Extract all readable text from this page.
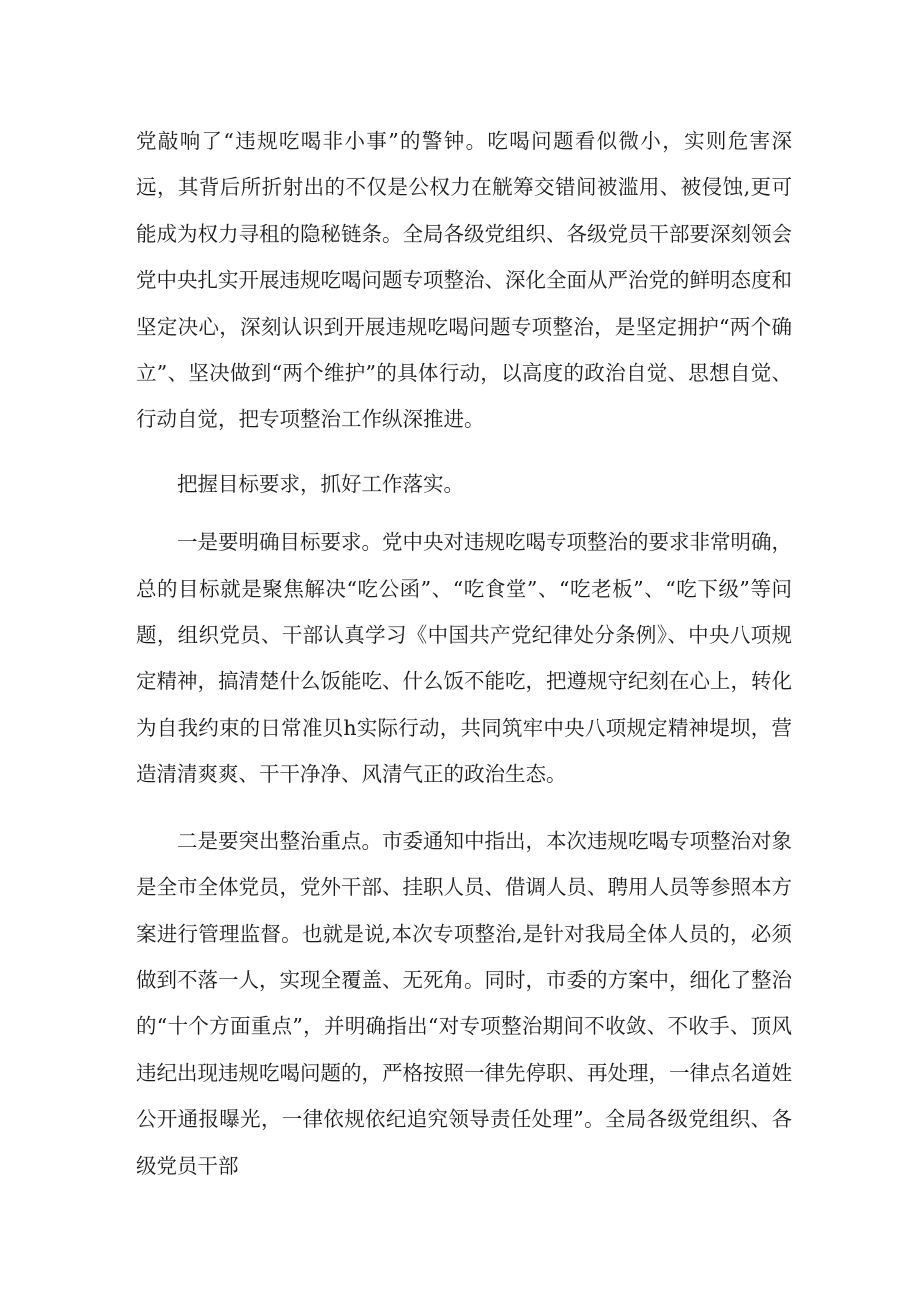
党敲响了“违规吃喝非小事”的警钟。吃喝问题看似微小，实则危害深远，其背后所折射出的不仅是公权力在觥筹交错间被滥用、被侵蚀,更可能成为权力寻租的隐秘链条。全局各级党组织、各级党员干部要深刻领会党中央扎实开展违规吃喝问题专项整治、深化全面从严治党的鲜明态度和坚定决心，深刻认识到开展违规吃喝问题专项整治，是坚定拥护“两个确立”、坚决做到“两个维护”的具体行动，以高度的政治自觉、思想自觉、行动自觉，把专项整治工作纵深推进。

把握目标要求，抓好工作落实。

一是要明确目标要求。党中央对违规吃喝专项整治的要求非常明确，总的目标就是聚焦解决“吃公函”、“吃食堂”、“吃老板”、“吃下级”等问题，组织党员、干部认真学习《中国共产党纪律处分条例》、中央八项规定精神，搞清楚什么饭能吃、什么饭不能吃，把遵规守纪刻在心上，转化为自我约束的日常准贝h实际行动，共同筑牢中央八项规定精神堤坝，营造清清爽爽、干干净净、风清气正的政治生态。

二是要突出整治重点。市委通知中指出，本次违规吃喝专项整治对象是全市全体党员，党外干部、挂职人员、借调人员、聘用人员等参照本方案进行管理监督。也就是说,本次专项整治,是针对我局全体人员的，必须做到不落一人，实现全覆盖、无死角。同时，市委的方案中，细化了整治的“十个方面重点”，并明确指出“对专项整治期间不收敛、不收手、顶风违纪出现违规吃喝问题的，严格按照一律先停职、再处理，一律点名道姓公开通报曝光，一律依规依纪追究领导责任处理”。全局各级党组织、各级党员干部
